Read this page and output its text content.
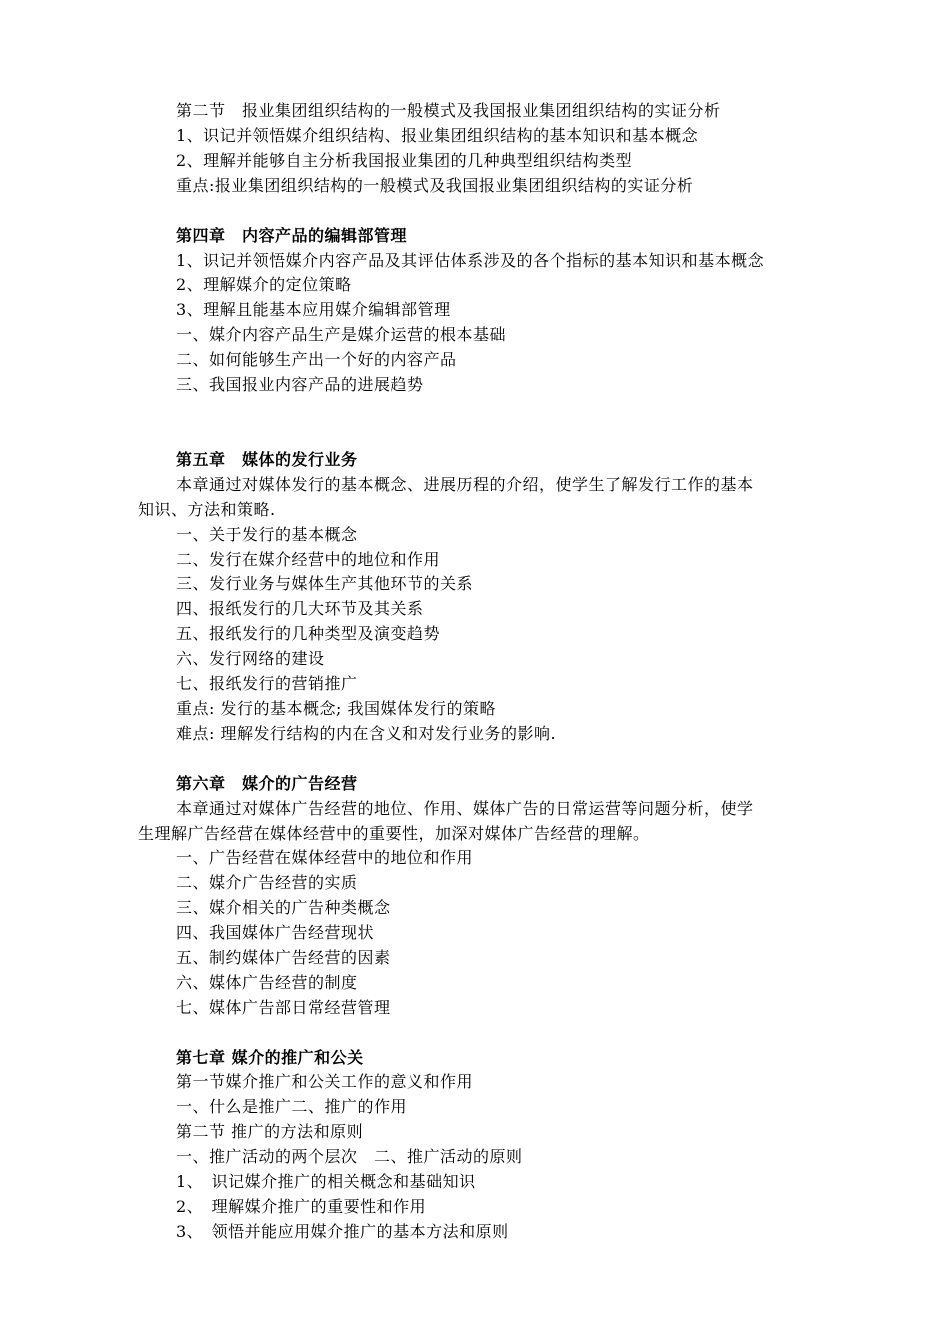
第二节　报业集团组织结构的一般模式及我国报业集团组织结构的实证分析
1、识记并领悟媒介组织结构、报业集团组织结构的基本知识和基本概念
2、理解并能够自主分析我国报业集团的几种典型组织结构类型
重点:报业集团组织结构的一般模式及我国报业集团组织结构的实证分析
第四章　内容产品的编辑部管理
1、识记并领悟媒介内容产品及其评估体系涉及的各个指标的基本知识和基本概念
2、理解媒介的定位策略
3、理解且能基本应用媒介编辑部管理
一、媒介内容产品生产是媒介运营的根本基础
二、如何能够生产出一个好的内容产品
三、我国报业内容产品的进展趋势
第五章　媒体的发行业务
本章通过对媒体发行的基本概念、进展历程的介绍，使学生了解发行工作的基本
知识、方法和策略.
一、关于发行的基本概念
二、发行在媒介经营中的地位和作用
三、发行业务与媒体生产其他环节的关系
四、报纸发行的几大环节及其关系
五、报纸发行的几种类型及演变趋势
六、发行网络的建设
七、报纸发行的营销推广
重点: 发行的基本概念; 我国媒体发行的策略
难点: 理解发行结构的内在含义和对发行业务的影响.
第六章　媒介的广告经营
本章通过对媒体广告经营的地位、作用、媒体广告的日常运营等问题分析，使学
生理解广告经营在媒体经营中的重要性，加深对媒体广告经营的理解。
一、广告经营在媒体经营中的地位和作用
二、媒介广告经营的实质
三、媒介相关的广告种类概念
四、我国媒体广告经营现状
五、制约媒体广告经营的因素
六、媒体广告经营的制度
七、媒体广告部日常经营管理
第七章 媒介的推广和公关
第一节媒介推广和公关工作的意义和作用
一、什么是推广二、推广的作用
第二节 推广的方法和原则
一、推广活动的两个层次　二、推广活动的原则
1、　识记媒介推广的相关概念和基础知识
2、　理解媒介推广的重要性和作用
3、　领悟并能应用媒介推广的基本方法和原则
